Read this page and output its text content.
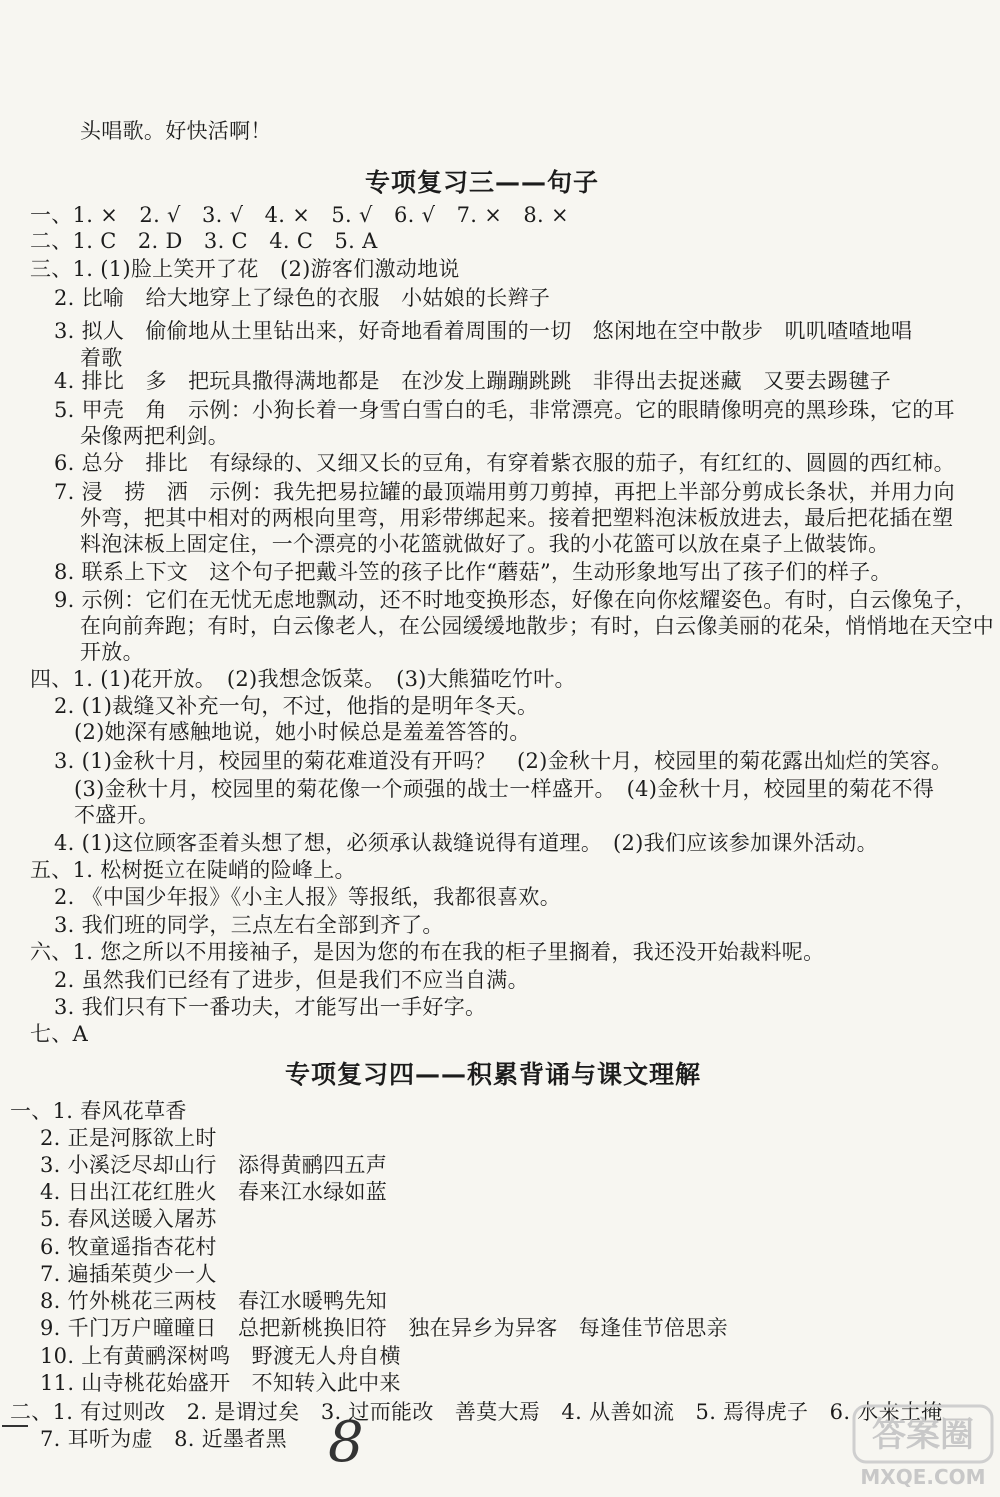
头唱歌。好快活啊！
一、1. ×　2. √　3. √　4. ×　5. √　6. √　7. ×　8. ×
二、1. C　2. D　3. C　4. C　5. A
三、1. (1)脸上笑开了花　(2)游客们激动地说
2. 比喻　给大地穿上了绿色的衣服　小姑娘的长辫子
3. 拟人　偷偷地从土里钻出来，好奇地看着周围的一切　悠闲地在空中散步　叽叽喳喳地唱
着歌
4. 排比　多　把玩具撒得满地都是　在沙发上蹦蹦跳跳　非得出去捉迷藏　又要去踢毽子
5. 甲壳　角　示例：小狗长着一身雪白雪白的毛，非常漂亮。它的眼睛像明亮的黑珍珠，它的耳
朵像两把利剑。
6. 总分　排比　有绿绿的、又细又长的豆角，有穿着紫衣服的茄子，有红红的、圆圆的西红柿。
7. 浸　捞　洒　示例：我先把易拉罐的最顶端用剪刀剪掉，再把上半部分剪成长条状，并用力向
外弯，把其中相对的两根向里弯，用彩带绑起来。接着把塑料泡沫板放进去，最后把花插在塑
料泡沫板上固定住，一个漂亮的小花篮就做好了。我的小花篮可以放在桌子上做装饰。
8. 联系上下文　这个句子把戴斗笠的孩子比作“蘑菇”，生动形象地写出了孩子们的样子。
9. 示例：它们在无忧无虑地飘动，还不时地变换形态，好像在向你炫耀姿色。有时，白云像兔子，
在向前奔跑；有时，白云像老人，在公园缓缓地散步；有时，白云像美丽的花朵，悄悄地在天空中
开放。
四、1. (1)花开放。　(2)我想念饭菜。　(3)大熊猫吃竹叶。
2. (1)裁缝又补充一句，不过，他指的是明年冬天。
(2)她深有感触地说，她小时候总是羞羞答答的。
3. (1)金秋十月，校园里的菊花难道没有开吗？　(2)金秋十月，校园里的菊花露出灿烂的笑容。
(3)金秋十月，校园里的菊花像一个顽强的战士一样盛开。　(4)金秋十月，校园里的菊花不得
不盛开。
4. (1)这位顾客歪着头想了想，必须承认裁缝说得有道理。　(2)我们应该参加课外活动。
五、1. 松树挺立在陡峭的险峰上。
2. 《中国少年报》《小主人报》等报纸，我都很喜欢。
3. 我们班的同学，三点左右全部到齐了。
六、1. 您之所以不用接袖子，是因为您的布在我的柜子里搁着，我还没开始裁料呢。
2. 虽然我们已经有了进步，但是我们不应当自满。
3. 我们只有下一番功夫，才能写出一手好字。
七、A
一、1. 春风花草香
2. 正是河豚欲上时
3. 小溪泛尽却山行　添得黄鹂四五声
4. 日出江花红胜火　春来江水绿如蓝
5. 春风送暖入屠苏
6. 牧童遥指杏花村
7. 遍插茱萸少一人
8. 竹外桃花三两枝　春江水暖鸭先知
9. 千门万户曈曈日　总把新桃换旧符　独在异乡为异客　每逢佳节倍思亲
10. 上有黄鹂深树鸣　野渡无人舟自横
11. 山寺桃花始盛开　不知转入此中来
二、1. 有过则改　2. 是谓过矣　3. 过而能改　善莫大焉　4. 从善如流　5. 焉得虎子　6. 水来土掩
7. 耳听为虚　8. 近墨者黑
专项复习三——句子
专项复习四——积累背诵与课文理解
8	答案圈
MXQE.COM
